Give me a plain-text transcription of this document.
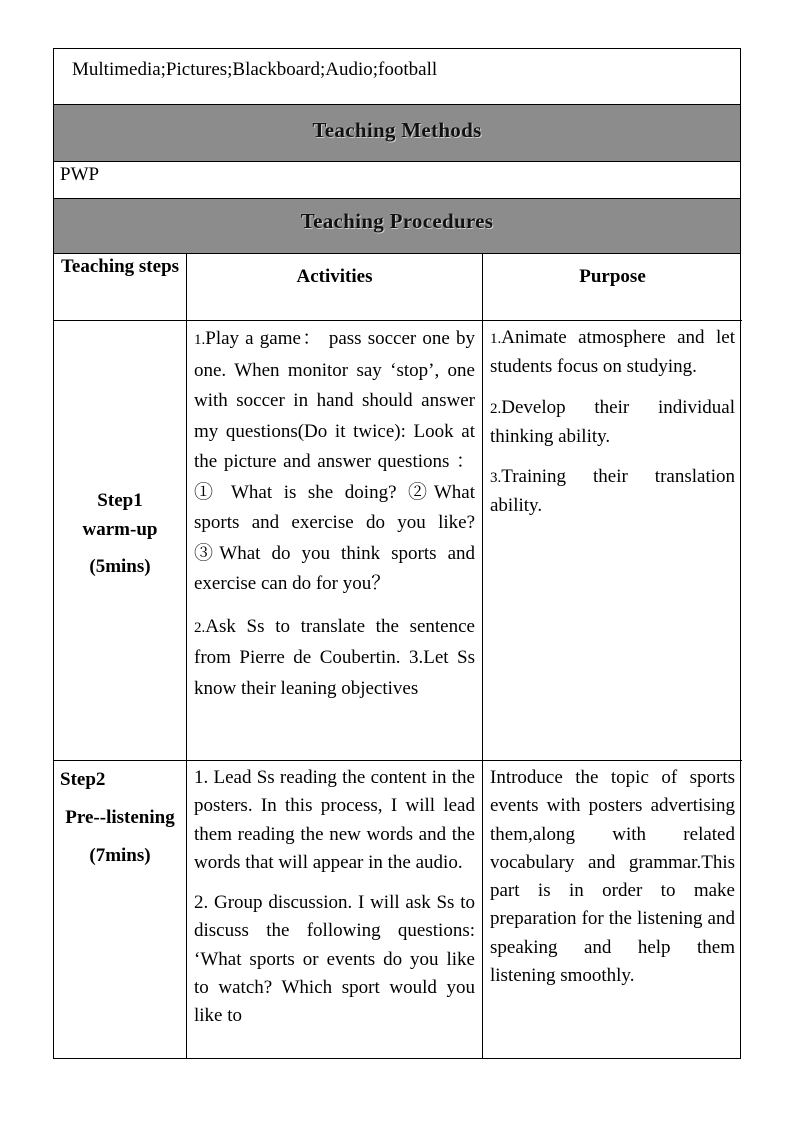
Multimedia;Pictures;Blackboard;Audio;football
Teaching Methods
PWP
Teaching Procedures
Teaching steps	Activities	Purpose
Step1
warm-up
(5mins)

1.Play a game： pass soccer one by one. When monitor say ‘stop’, one with soccer in hand should answer my questions(Do it twice): Look at the picture and answer questions ： ① What is she doing? ②What sports and exercise do you like?③What do you think sports and exercise can do for you？

2.Ask Ss to translate the sentence from Pierre de Coubertin. 3.Let Ss know their leaning objectives

1.Animate atmosphere and let students focus on studying.

2.Develop their individual thinking ability.

3.Training their translation ability.

Step2
Pre--listening
(7mins)

1. Lead Ss reading the content in the posters. In this process, I will lead them reading the new words and the words that will appear in the audio.

2. Group discussion. I will ask Ss to discuss the following questions: ‘What sports or events do you like to watch? Which sport would you like to

Introduce the topic of sports events with posters advertising them,along with related vocabulary and grammar.This part is in order to make preparation for the listening and speaking and help them listening smoothly.
